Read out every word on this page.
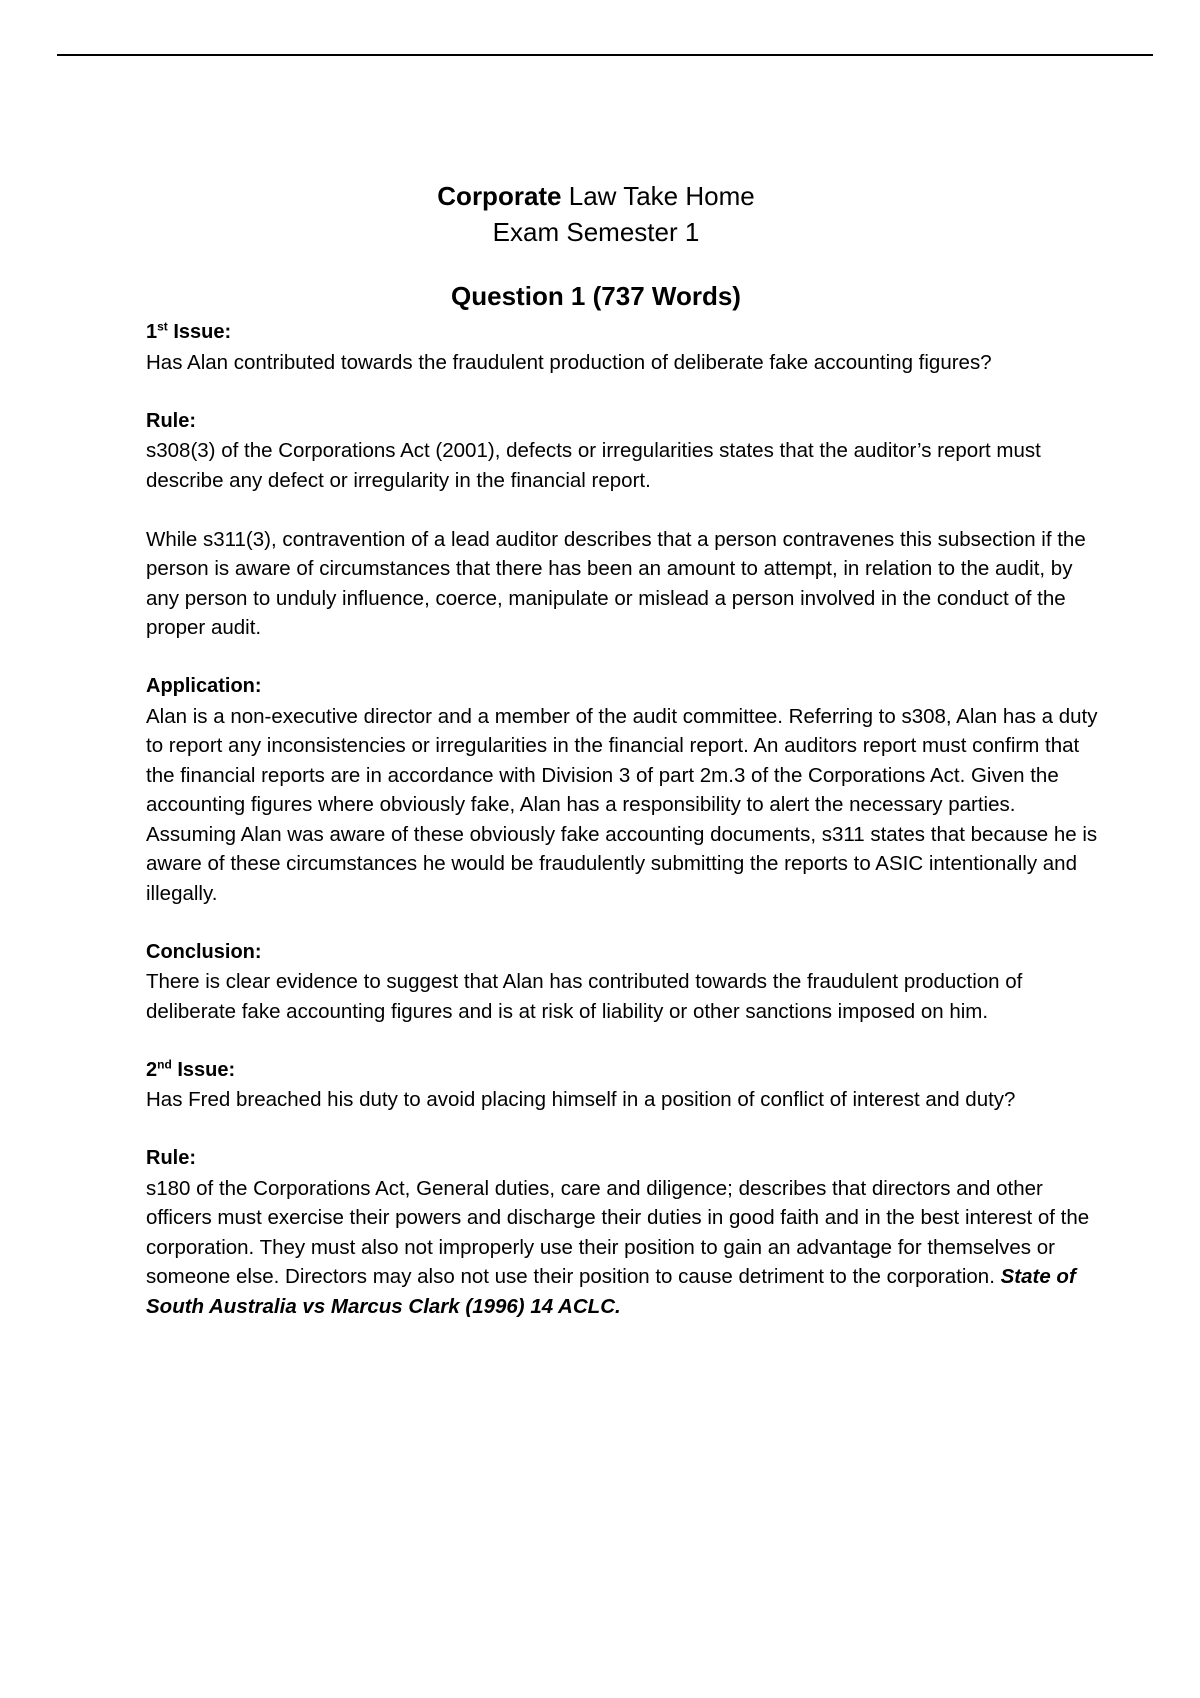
Corporate Law Take Home
Exam Semester 1
Question 1 (737 Words)
1st Issue:

Has Alan contributed towards the fraudulent production of deliberate fake accounting figures?

Rule:

s308(3) of the Corporations Act (2001), defects or irregularities states that the auditor’s report must describe any defect or irregularity in the financial report.

While s311(3), contravention of a lead auditor describes that a person contravenes this subsection if the person is aware of circumstances that there has been an amount to attempt, in relation to the audit, by any person to unduly influence, coerce, manipulate or mislead a person involved in the conduct of the proper audit.

Application:

Alan is a non-executive director and a member of the audit committee. Referring to s308, Alan has a duty to report any inconsistencies or irregularities in the financial report. An auditors report must confirm that the financial reports are in accordance with Division 3 of part 2m.3 of the Corporations Act. Given the accounting figures where obviously fake, Alan has a responsibility to alert the necessary parties. Assuming Alan was aware of these obviously fake accounting documents, s311 states that because he is aware of these circumstances he would be fraudulently submitting the reports to ASIC intentionally and illegally.

Conclusion:

There is clear evidence to suggest that Alan has contributed towards the fraudulent production of deliberate fake accounting figures and is at risk of liability or other sanctions imposed on him.

2nd Issue:

Has Fred breached his duty to avoid placing himself in a position of conflict of interest and duty?

Rule:

s180 of the Corporations Act, General duties, care and diligence; describes that directors and other officers must exercise their powers and discharge their duties in good faith and in the best interest of the corporation. They must also not improperly use their position to gain an advantage for themselves or someone else. Directors may also not use their position to cause detriment to the corporation. State of South Australia vs Marcus Clark (1996) 14 ACLC.
